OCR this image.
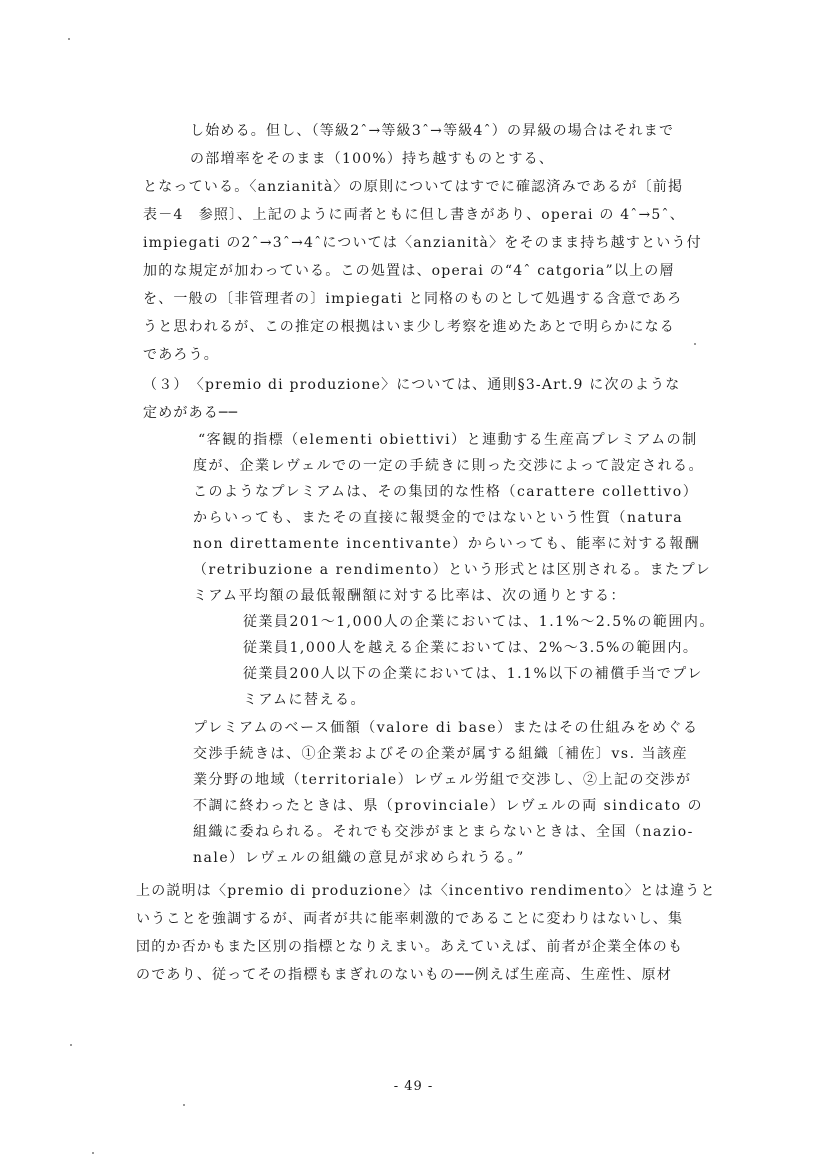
し始める。但し、（等級2ˆ→等級3ˆ→等級4ˆ）の昇級の場合はそれまで
の部増率をそのまま（100%）持ち越すものとする、
となっている。〈anzianità〉の原則についてはすでに確認済みであるが〔前掲
表－4　参照〕、上記のように両者ともに但し書きがあり、operai の 4ˆ→5ˆ、
impiegati の2ˆ→3ˆ→4ˆについては〈anzianità〉をそのまま持ち越すという付
加的な規定が加わっている。この処置は、operai の“4ˆ catgoria”以上の層
を、一般の〔非管理者の〕impiegati と同格のものとして処遇する含意であろ
うと思われるが、この推定の根拠はいま少し考察を進めたあとで明らかになる
であろう。
（３）　〈premio di produzione〉については、通則§3-Art.9 に次のような
定めがある──
“客観的指標（elementi obiettivi）と連動する生産高プレミアムの制
度が、企業レヴェルでの一定の手続きに則った交渉によって設定される。
このようなプレミアムは、その集団的な性格（carattere collettivo）
からいっても、またその直接に報奨金的ではないという性質（natura
non direttamente incentivante）からいっても、能率に対する報酬
（retribuzione a rendimento）という形式とは区別される。またプレ
ミアム平均額の最低報酬額に対する比率は、次の通りとする：
従業員201～1,000人の企業においては、1.1%～2.5%の範囲内。
従業員1,000人を越える企業においては、2%～3.5%の範囲内。
従業員200人以下の企業においては、1.1%以下の補償手当でプレ
ミアムに替える。
プレミアムのベース価額（valore di base）またはその仕組みをめぐる
交渉手続きは、①企業およびその企業が属する組織〔補佐〕vs. 当該産
業分野の地域（territoriale）レヴェル労組で交渉し、②上記の交渉が
不調に終わったときは、県（provinciale）レヴェルの両 sindicato の
組織に委ねられる。それでも交渉がまとまらないときは、全国（nazio-
nale）レヴェルの組織の意見が求められうる。”
上の説明は〈premio di produzione〉は〈incentivo rendimento〉とは違うと
いうことを強調するが、両者が共に能率刺激的であることに変わりはないし、集
団的か否かもまた区別の指標となりえまい。あえていえば、前者が企業全体のも
のであり、従ってその指標もまぎれのないもの──例えば生産高、生産性、原材
- 49 -
